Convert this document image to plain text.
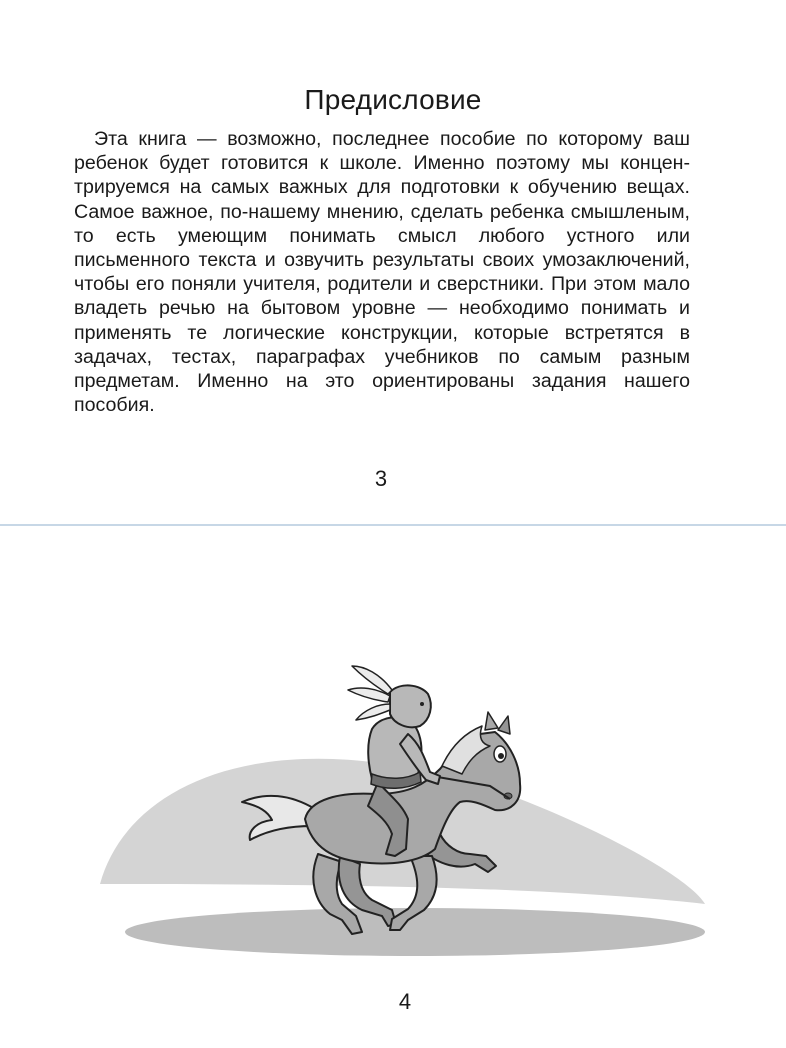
Предисловие

Эта книга — возможно, последнее пособие по которому ваш ребенок будет готовится к школе. Именно поэтому мы концентрируемся на самых важных для подготовки к обучению вещах. Самое важное, по-нашему мнению, сделать ребенка смышленым, то есть умеющим понимать смысл любого устного или письменного текста и озвучить результаты своих умозаключений, чтобы его поняли учителя, родители и сверстники. При этом мало владеть речью на бытовом уровне — необходимо понимать и применять те логические конструкции, которые встретятся в задачах, тестах, параграфах учебников по самым разным предметам. Именно на это ориентированы задания нашего пособия.

3
4
